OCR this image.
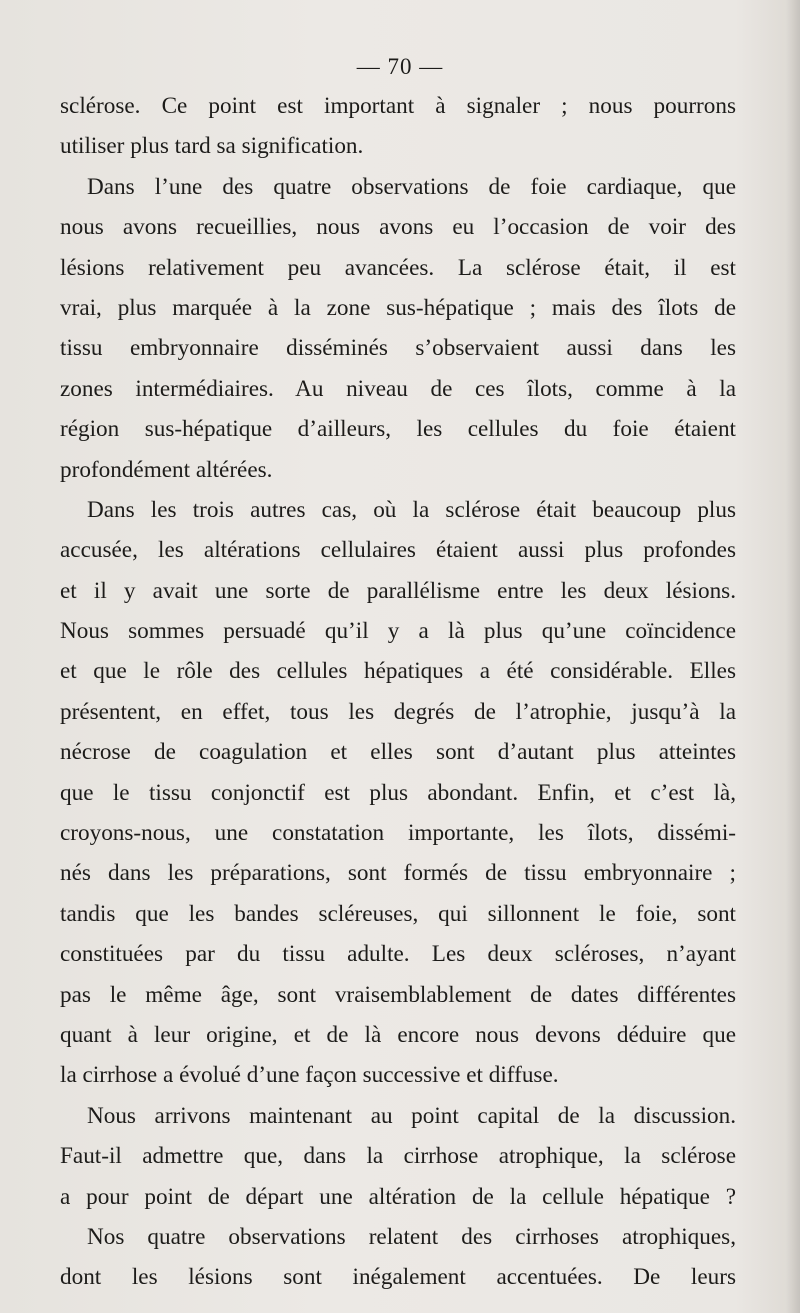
— 70 —
sclérose. Ce point est important à signaler ; nous pourrons
utiliser plus tard sa signification.
Dans l’une des quatre observations de foie cardiaque, que
nous avons recueillies, nous avons eu l’occasion de voir des
lésions relativement peu avancées. La sclérose était, il est
vrai, plus marquée à la zone sus-hépatique ; mais des îlots de
tissu embryonnaire disséminés s’observaient aussi dans les
zones intermédiaires. Au niveau de ces îlots, comme à la
région sus-hépatique d’ailleurs, les cellules du foie étaient
profondément altérées.
Dans les trois autres cas, où la sclérose était beaucoup plus
accusée, les altérations cellulaires étaient aussi plus profondes
et il y avait une sorte de parallélisme entre les deux lésions.
Nous sommes persuadé qu’il y a là plus qu’une coïncidence
et que le rôle des cellules hépatiques a été considérable. Elles
présentent, en effet, tous les degrés de l’atrophie, jusqu’à la
nécrose de coagulation et elles sont d’autant plus atteintes
que le tissu conjonctif est plus abondant. Enfin, et c’est là,
croyons-nous, une constatation importante, les îlots, dissémi-
nés dans les préparations, sont formés de tissu embryonnaire ;
tandis que les bandes scléreuses, qui sillonnent le foie, sont
constituées par du tissu adulte. Les deux scléroses, n’ayant
pas le même âge, sont vraisemblablement de dates différentes
quant à leur origine, et de là encore nous devons déduire que
la cirrhose a évolué d’une façon successive et diffuse.
Nous arrivons maintenant au point capital de la discussion.
Faut-il admettre que, dans la cirrhose atrophique, la sclérose
a pour point de départ une altération de la cellule hépatique ?
Nos quatre observations relatent des cirrhoses atrophiques,
dont les lésions sont inégalement accentuées. De leurs
